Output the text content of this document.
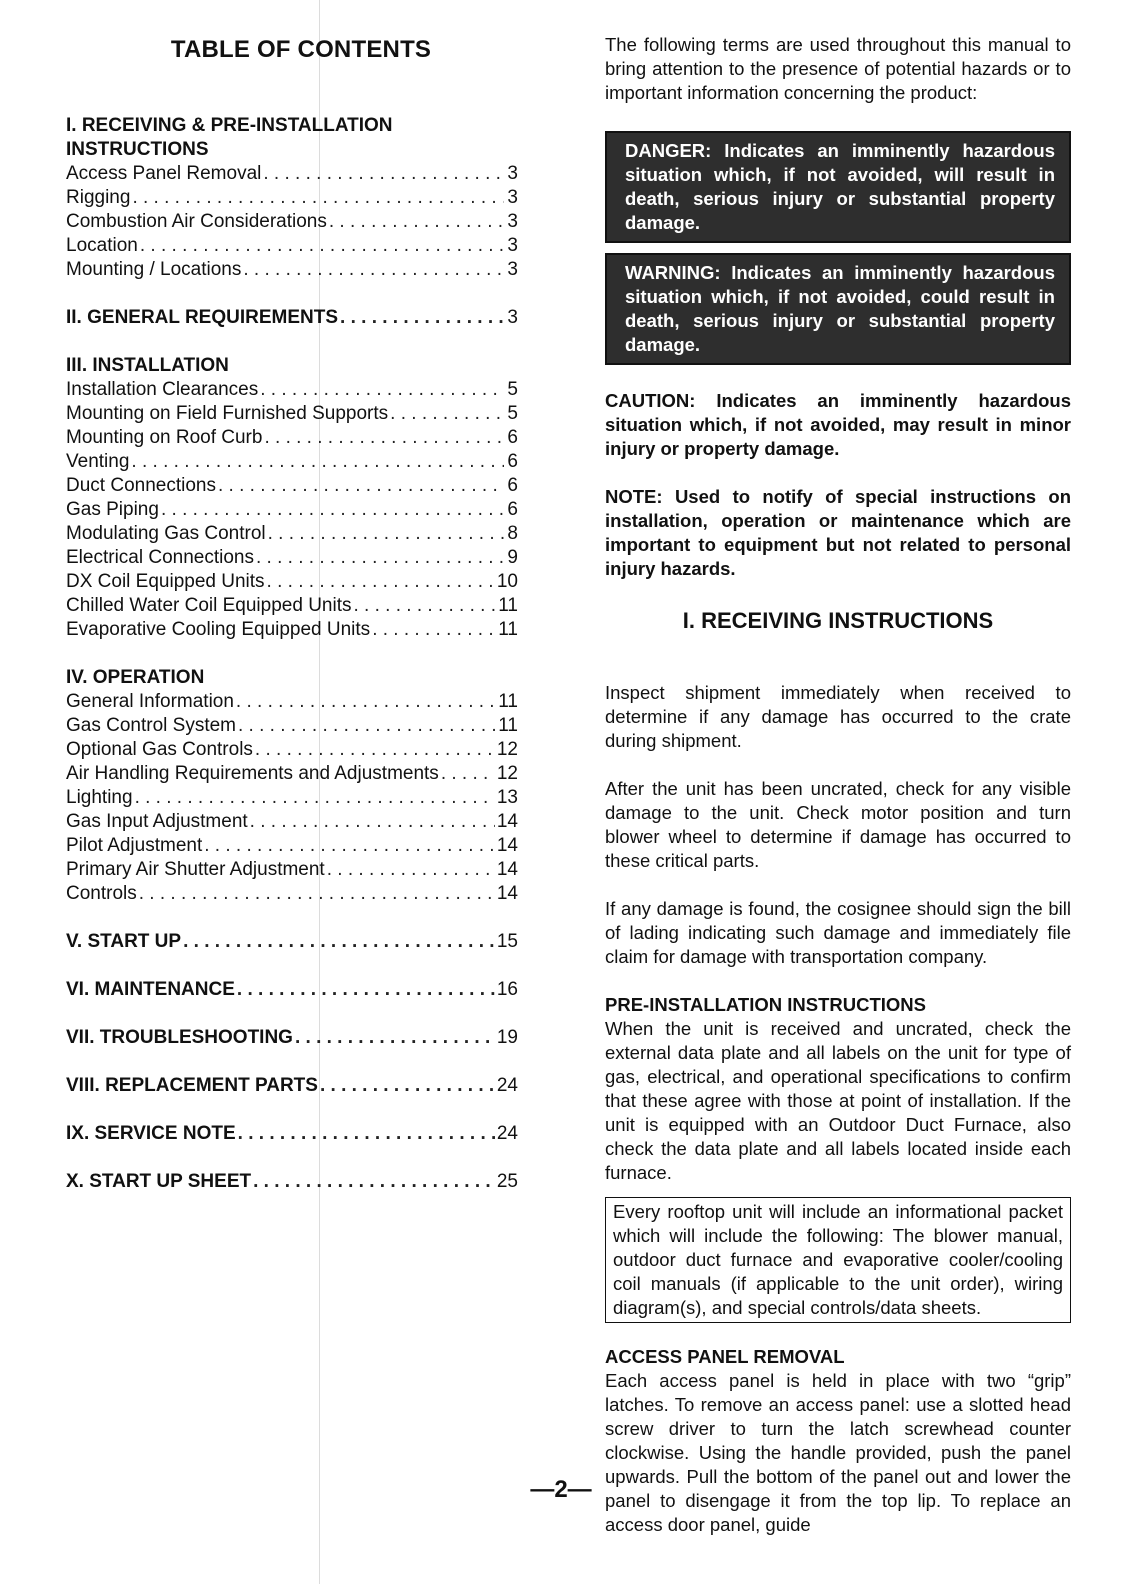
TABLE OF CONTENTS
I. RECEIVING & PRE-INSTALLATION
INSTRUCTIONS
Access Panel Removal . . .	3
Rigging . . .	3
Combustion Air Considerations . . .	3
Location . . .	3
Mounting / Locations . . .	3
II. GENERAL REQUIREMENTS . . .	3
III. INSTALLATION
Installation Clearances . . .	5
Mounting on Field Furnished Supports . . .	5
Mounting on Roof Curb . . .	6
Venting . . .	6
Duct Connections . . .	6
Gas Piping . . .	6
Modulating Gas Control . . .	8
Electrical Connections . . .	9
DX Coil Equipped Units . . .	10
Chilled Water Coil Equipped Units . . .	11
Evaporative Cooling Equipped Units . . .	11
IV. OPERATION
General Information . . .	11
Gas Control System . . .	11
Optional Gas Controls . . .	12
Air Handling Requirements and Adjustments . . .	12
Lighting . . .	13
Gas Input Adjustment . . .	14
Pilot Adjustment . . .	14
Primary Air Shutter Adjustment . . .	14
Controls . . .	14
V. START UP . . .	15
VI. MAINTENANCE . . .	16
VII. TROUBLESHOOTING . . .	19
VIII. REPLACEMENT PARTS . . .	24
IX. SERVICE NOTE . . .	24
X. START UP SHEET . . .	25

The following terms are used throughout this manual to bring attention to the presence of potential hazards or to important information concerning the product:

DANGER: Indicates an imminently hazardous situation which, if not avoided, will result in death, serious injury or substantial property damage.
WARNING: Indicates an imminently hazardous situation which, if not avoided, could result in death, serious injury or substantial property damage.

CAUTION: Indicates an imminently hazardous situation which, if not avoided, may result in minor injury or property damage.

NOTE: Used to notify of special instructions on installation, operation or maintenance which are important to equipment but not related to personal injury hazards.

I. RECEIVING INSTRUCTIONS

Inspect shipment immediately when received to determine if any damage has occurred to the crate during shipment.

After the unit has been uncrated, check for any visible damage to the unit. Check motor position and turn blower wheel to determine if damage has occurred to these critical parts.

If any damage is found, the cosignee should sign the bill of lading indicating such damage and immediately file claim for damage with transportation company.

PRE-INSTALLATION INSTRUCTIONS

When the unit is received and uncrated, check the external data plate and all labels on the unit for type of gas, electrical, and operational specifications to confirm that these agree with those at point of installation. If the unit is equipped with an Outdoor Duct Furnace, also check the data plate and all labels located inside each furnace.

Every rooftop unit will include an informational packet which will include the following: The blower manual, outdoor duct furnace and evaporative cooler/cooling coil manuals (if applicable to the unit order), wiring diagram(s), and special controls/data sheets.
ACCESS PANEL REMOVAL

Each access panel is held in place with two “grip” latches. To remove an access panel: use a slotted head screw driver to turn the latch screwhead counter clockwise. Using the handle provided, push the panel upwards. Pull the bottom of the panel out and lower the panel to disengage it from the top lip. To replace an access door panel, guide

—2—
